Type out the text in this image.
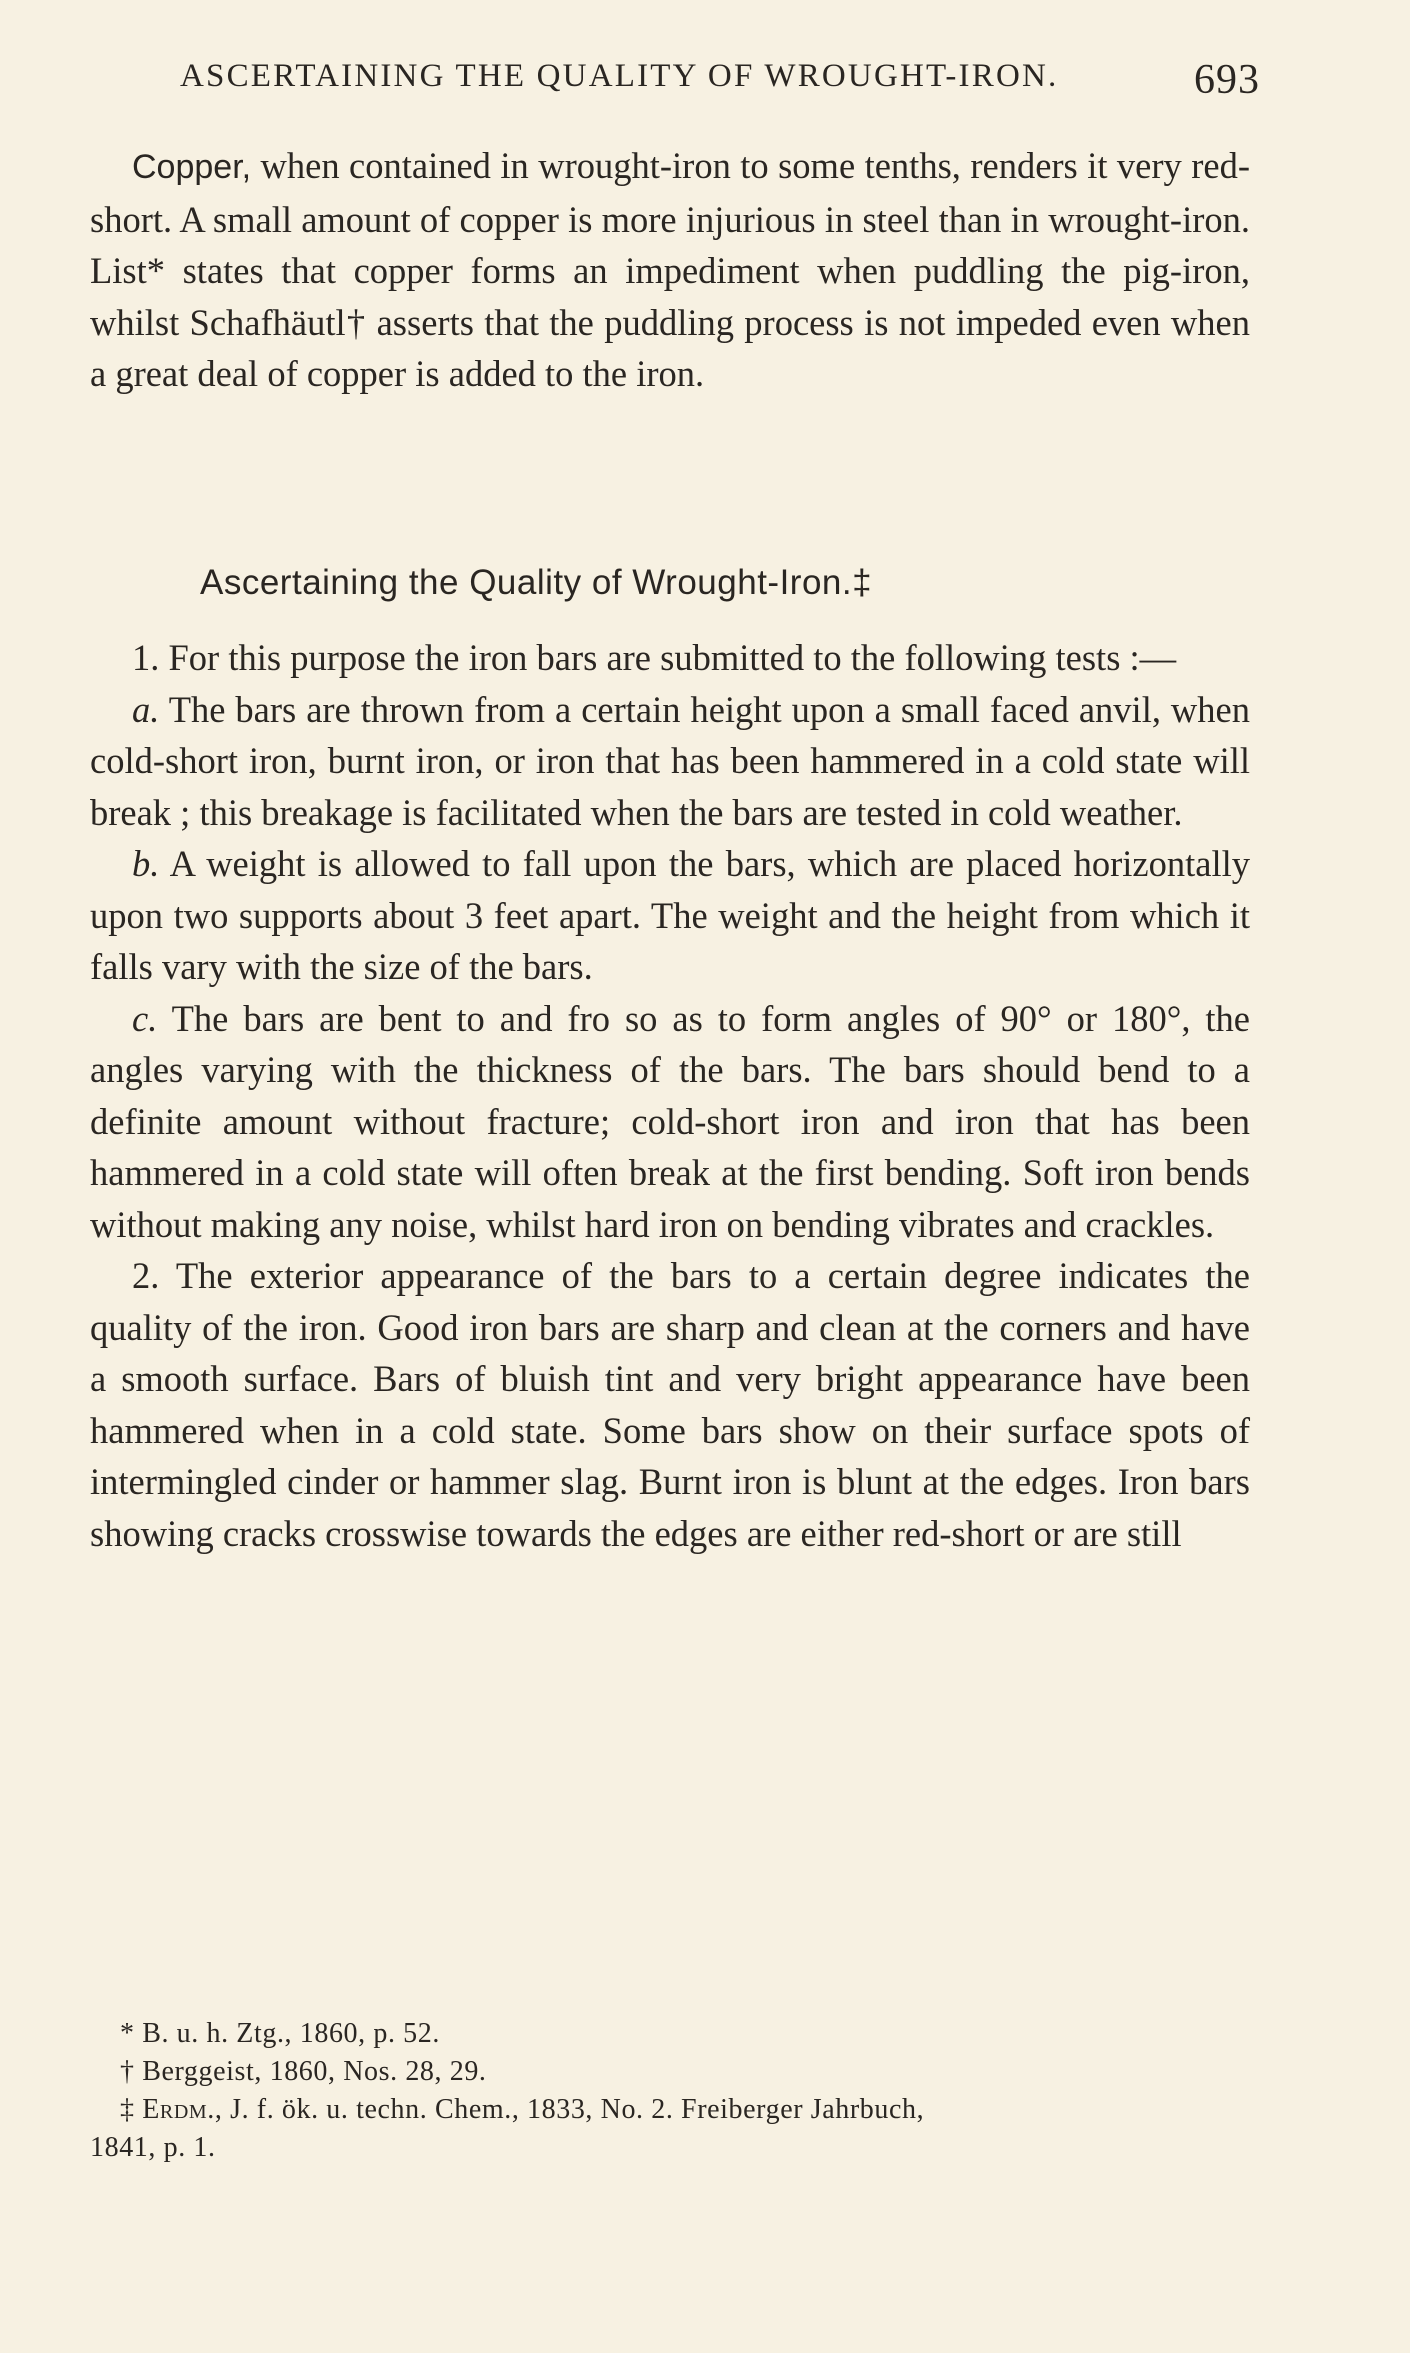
ASCERTAINING THE QUALITY OF WROUGHT-IRON.	693

Copper, when contained in wrought-iron to some tenths, renders it very red-short. A small amount of copper is more injurious in steel than in wrought-iron. List* states that copper forms an impediment when puddling the pig-iron, whilst Schafhäutl† asserts that the puddling process is not impeded even when a great deal of copper is added to the iron.

Ascertaining the Quality of Wrought-Iron.‡

1. For this purpose the iron bars are submitted to the following tests :—

a. The bars are thrown from a certain height upon a small faced anvil, when cold-short iron, burnt iron, or iron that has been hammered in a cold state will break ; this breakage is facilitated when the bars are tested in cold weather.

b. A weight is allowed to fall upon the bars, which are placed horizontally upon two supports about 3 feet apart. The weight and the height from which it falls vary with the size of the bars.

c. The bars are bent to and fro so as to form angles of 90° or 180°, the angles varying with the thickness of the bars. The bars should bend to a definite amount without fracture; cold-short iron and iron that has been hammered in a cold state will often break at the first bending. Soft iron bends without making any noise, whilst hard iron on bending vibrates and crackles.

2. The exterior appearance of the bars to a certain degree indicates the quality of the iron. Good iron bars are sharp and clean at the corners and have a smooth surface. Bars of bluish tint and very bright appearance have been hammered when in a cold state. Some bars show on their surface spots of intermingled cinder or hammer slag. Burnt iron is blunt at the edges. Iron bars showing cracks crosswise towards the edges are either red-short or are still

* B. u. h. Ztg., 1860, p. 52.

† Berggeist, 1860, Nos. 28, 29.

‡ Erdm., J. f. ök. u. techn. Chem., 1833, No. 2. Freiberger Jahrbuch,

1841, p. 1.
